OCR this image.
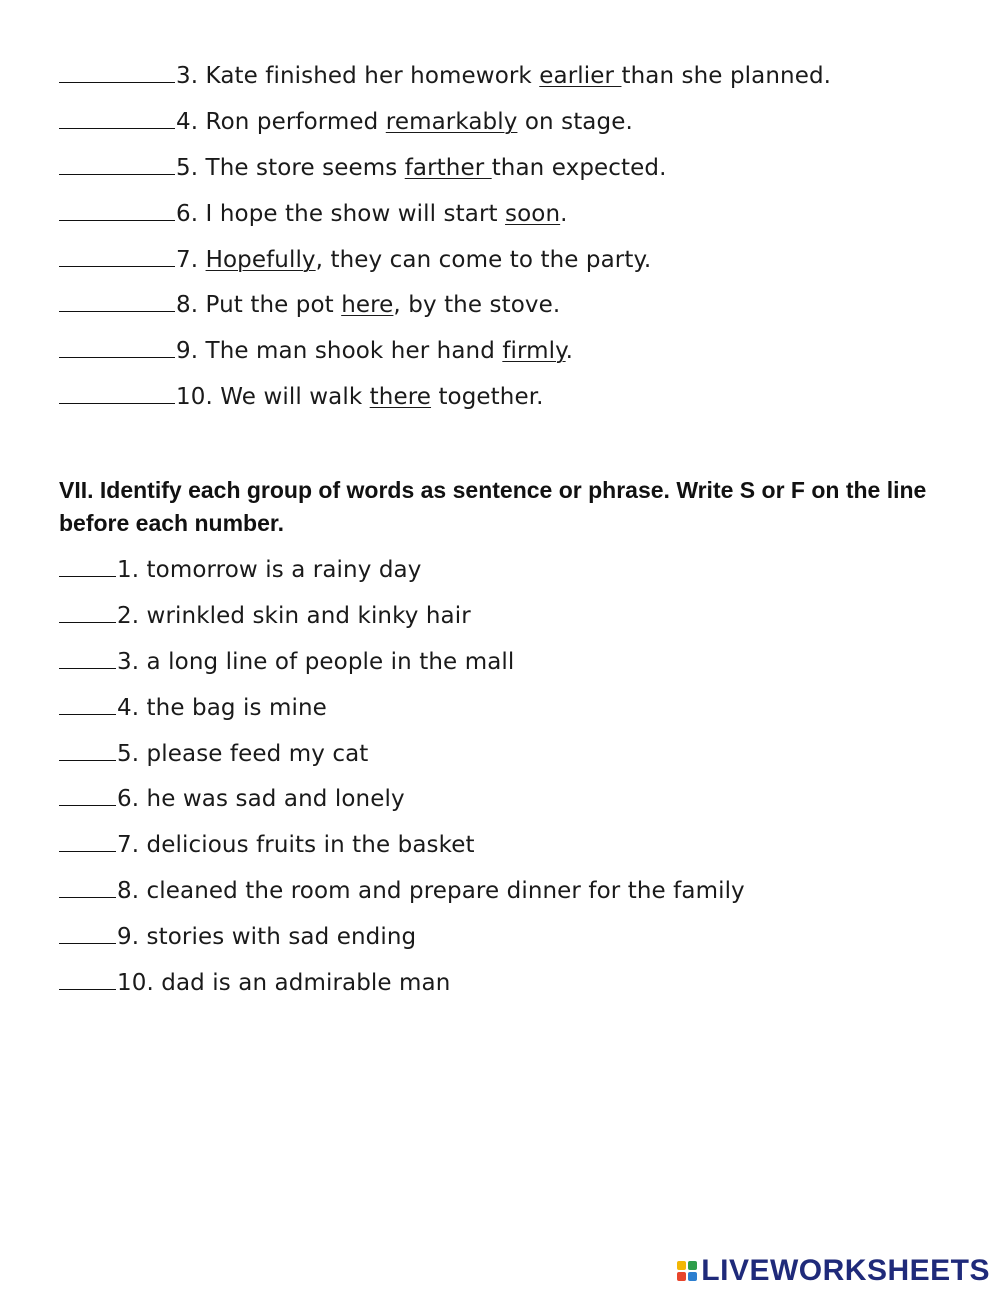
3. Kate finished her homework earlier than she planned.
4. Ron performed remarkably on stage.
5. The store seems farther than expected.
6. I hope the show will start soon.
7. Hopefully, they can come to the party.
8. Put the pot here, by the stove.
9. The man shook her hand firmly.
10. We will walk there together.
VII. Identify each group of words as sentence or phrase. Write S or F on the line before each number.
1. tomorrow is a rainy day
2. wrinkled skin and kinky hair
3. a long line of people in the mall
4. the bag is mine
5. please feed my cat
6. he was sad and lonely
7. delicious fruits in the basket
8. cleaned the room and prepare dinner for the family
9. stories with sad ending
10. dad is an admirable man
LIVEWORKSHEETS
